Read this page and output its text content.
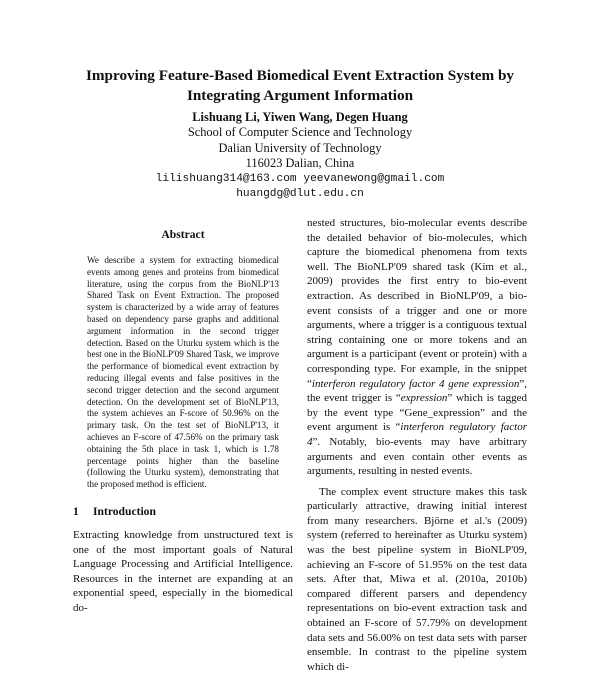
Improving Feature-Based Biomedical Event Extraction System by Integrating Argument Information
Lishuang Li, Yiwen Wang, Degen Huang
School of Computer Science and Technology
Dalian University of Technology
116023 Dalian, China
lilishuang314@163.com yeevanewong@gmail.com
huangdg@dlut.edu.cn
Abstract

We describe a system for extracting biomedical events among genes and proteins from biomedical literature, using the corpus from the BioNLP'13 Shared Task on Event Extraction. The proposed system is characterized by a wide array of features based on dependency parse graphs and additional argument information in the second trigger detection. Based on the Uturku system which is the best one in the BioNLP'09 Shared Task, we improve the performance of biomedical event extraction by reducing illegal events and false positives in the second trigger detection and the second argument detection. On the development set of BioNLP'13, the system achieves an F-score of 50.96% on the primary task. On the test set of BioNLP'13, it achieves an F-score of 47.56% on the primary task obtaining the 5th place in task 1, which is 1.78 percentage points higher than the baseline (following the Uturku system), demonstrating that the proposed method is efficient.

1 Introduction

Extracting knowledge from unstructured text is one of the most important goals of Natural Language Processing and Artificial Intelligence. Resources in the internet are expanding at an exponential speed, especially in the biomedical do-

nested structures, bio-molecular events describe the detailed behavior of bio-molecules, which capture the biomedical phenomena from texts well. The BioNLP'09 shared task (Kim et al., 2009) provides the first entry to bio-event extraction. As described in BioNLP'09, a bio-event consists of a trigger and one or more arguments, where a trigger is a contiguous textual string containing one or more tokens and an argument is a participant (event or protein) with a corresponding type. For example, in the snippet “interferon regulatory factor 4 gene expression”, the event trigger is “expression” which is tagged by the event type “Gene_expression” and the event argument is “interferon regulatory factor 4”. Notably, bio-events may have arbitrary arguments and even contain other events as arguments, resulting in nested events.

The complex event structure makes this task particularly attractive, drawing initial interest from many researchers. Björne et al.'s (2009) system (referred to hereinafter as Uturku system) was the best pipeline system in BioNLP'09, achieving an F-score of 51.95% on the test data sets. After that, Miwa et al. (2010a, 2010b) compared different parsers and dependency representations on bio-event extraction task and obtained an F-score of 57.79% on development data sets and 56.00% on test data sets with parser ensemble. In contrast to the pipeline system which di-
